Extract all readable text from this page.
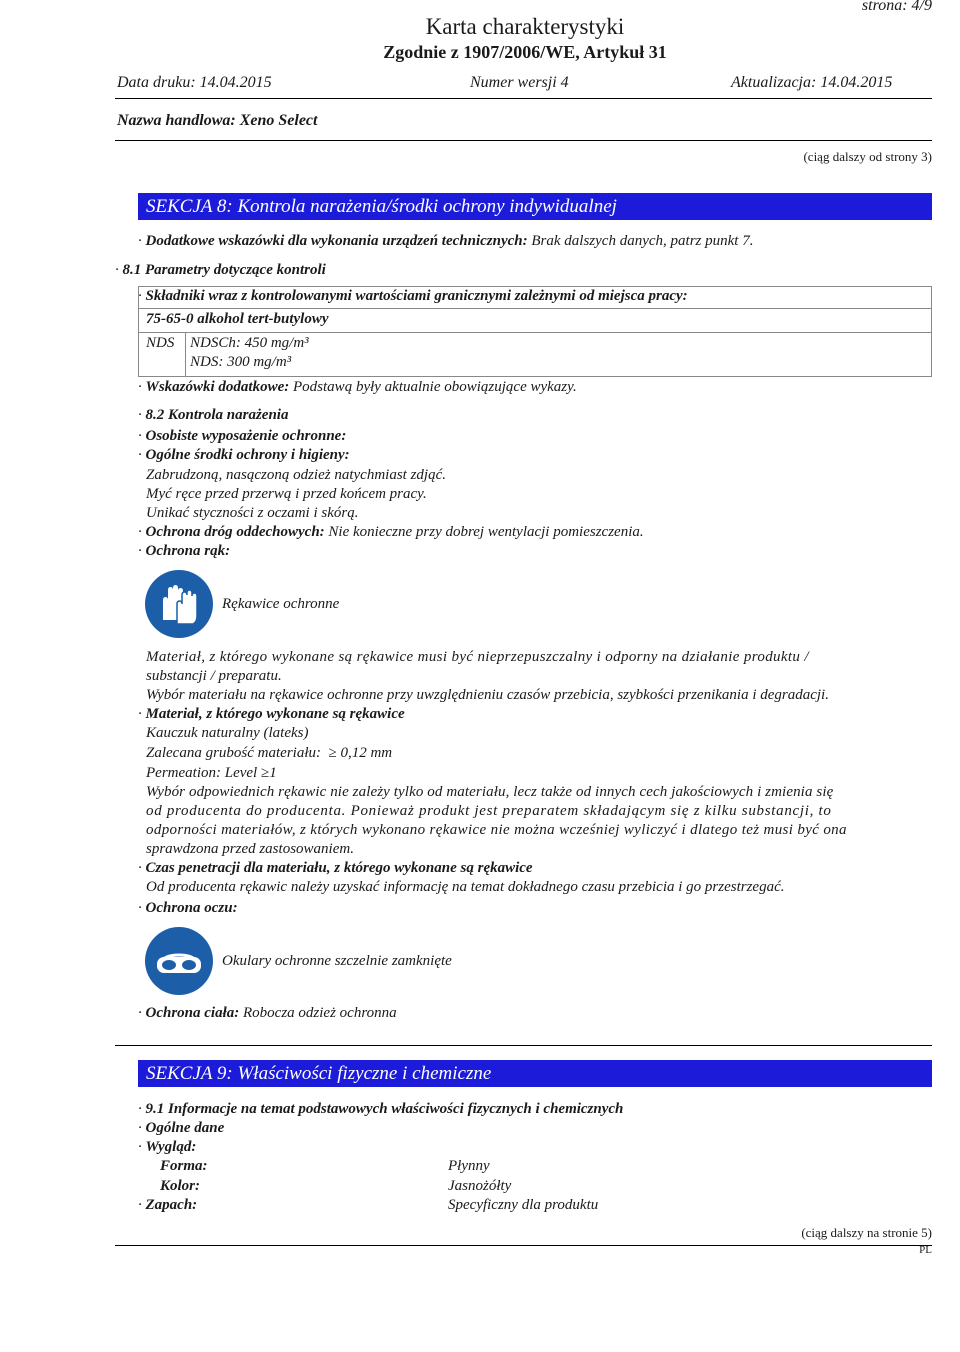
strona: 4/9
Karta charakterystyki
Zgodnie z 1907/2006/WE, Artykuł 31
Data druku: 14.04.2015	Numer wersji 4	Aktualizacja: 14.04.2015
Nazwa handlowa: Xeno Select
(ciąg dalszy od strony 3)
SEKCJA 8: Kontrola narażenia/środki ochrony indywidualnej
· Dodatkowe wskazówki dla wykonania urządzeń technicznych: Brak dalszych danych, patrz punkt 7.
· 8.1 Parametry dotyczące kontroli
· Składniki wraz z kontrolowanymi wartościami granicznymi zależnymi od miejsca pracy:
75-65-0 alkohol tert-butylowy
NDS NDSCh: 450 mg/m³
NDS: 300 mg/m³
· Wskazówki dodatkowe: Podstawą były aktualnie obowiązujące wykazy.
· 8.2 Kontrola narażenia
· Osobiste wyposażenie ochronne:
· Ogólne środki ochrony i higieny:
Zabrudzoną, nasączoną odzież natychmiast zdjąć.
Myć ręce przed przerwą i przed końcem pracy.
Unikać styczności z oczami i skórą.
· Ochrona dróg oddechowych: Nie konieczne przy dobrej wentylacji pomieszczenia.
· Ochrona rąk:
Rękawice ochronne
Materiał, z którego wykonane są rękawice musi być nieprzepuszczalny i odporny na działanie produktu /
substancji / preparatu.
Wybór materiału na rękawice ochronne przy uwzględnieniu czasów przebicia, szybkości przenikania i degradacji.
· Materiał, z którego wykonane są rękawice
Kauczuk naturalny (lateks)
Zalecana grubość materiału:  ≥ 0,12 mm
Permeation: Level ≥1
Wybór odpowiednich rękawic nie zależy tylko od materiału, lecz także od innych cech jakościowych i zmienia się
od producenta do producenta. Ponieważ produkt jest preparatem składającym się z kilku substancji, to
odporności materiałów, z których wykonano rękawice nie można wcześniej wyliczyć i dlatego też musi być ona
sprawdzona przed zastosowaniem.
· Czas penetracji dla materiału, z którego wykonane są rękawice
Od producenta rękawic należy uzyskać informację na temat dokładnego czasu przebicia i go przestrzegać.
· Ochrona oczu:
Okulary ochronne szczelnie zamknięte
· Ochrona ciała: Robocza odzież ochronna
SEKCJA 9: Właściwości fizyczne i chemiczne
· 9.1 Informacje na temat podstawowych właściwości fizycznych i chemicznych
· Ogólne dane
· Wygląd:
Forma:	Płynny
Kolor:	Jasnożółty
· Zapach:	Specyficzny dla produktu
(ciąg dalszy na stronie 5)
PL
